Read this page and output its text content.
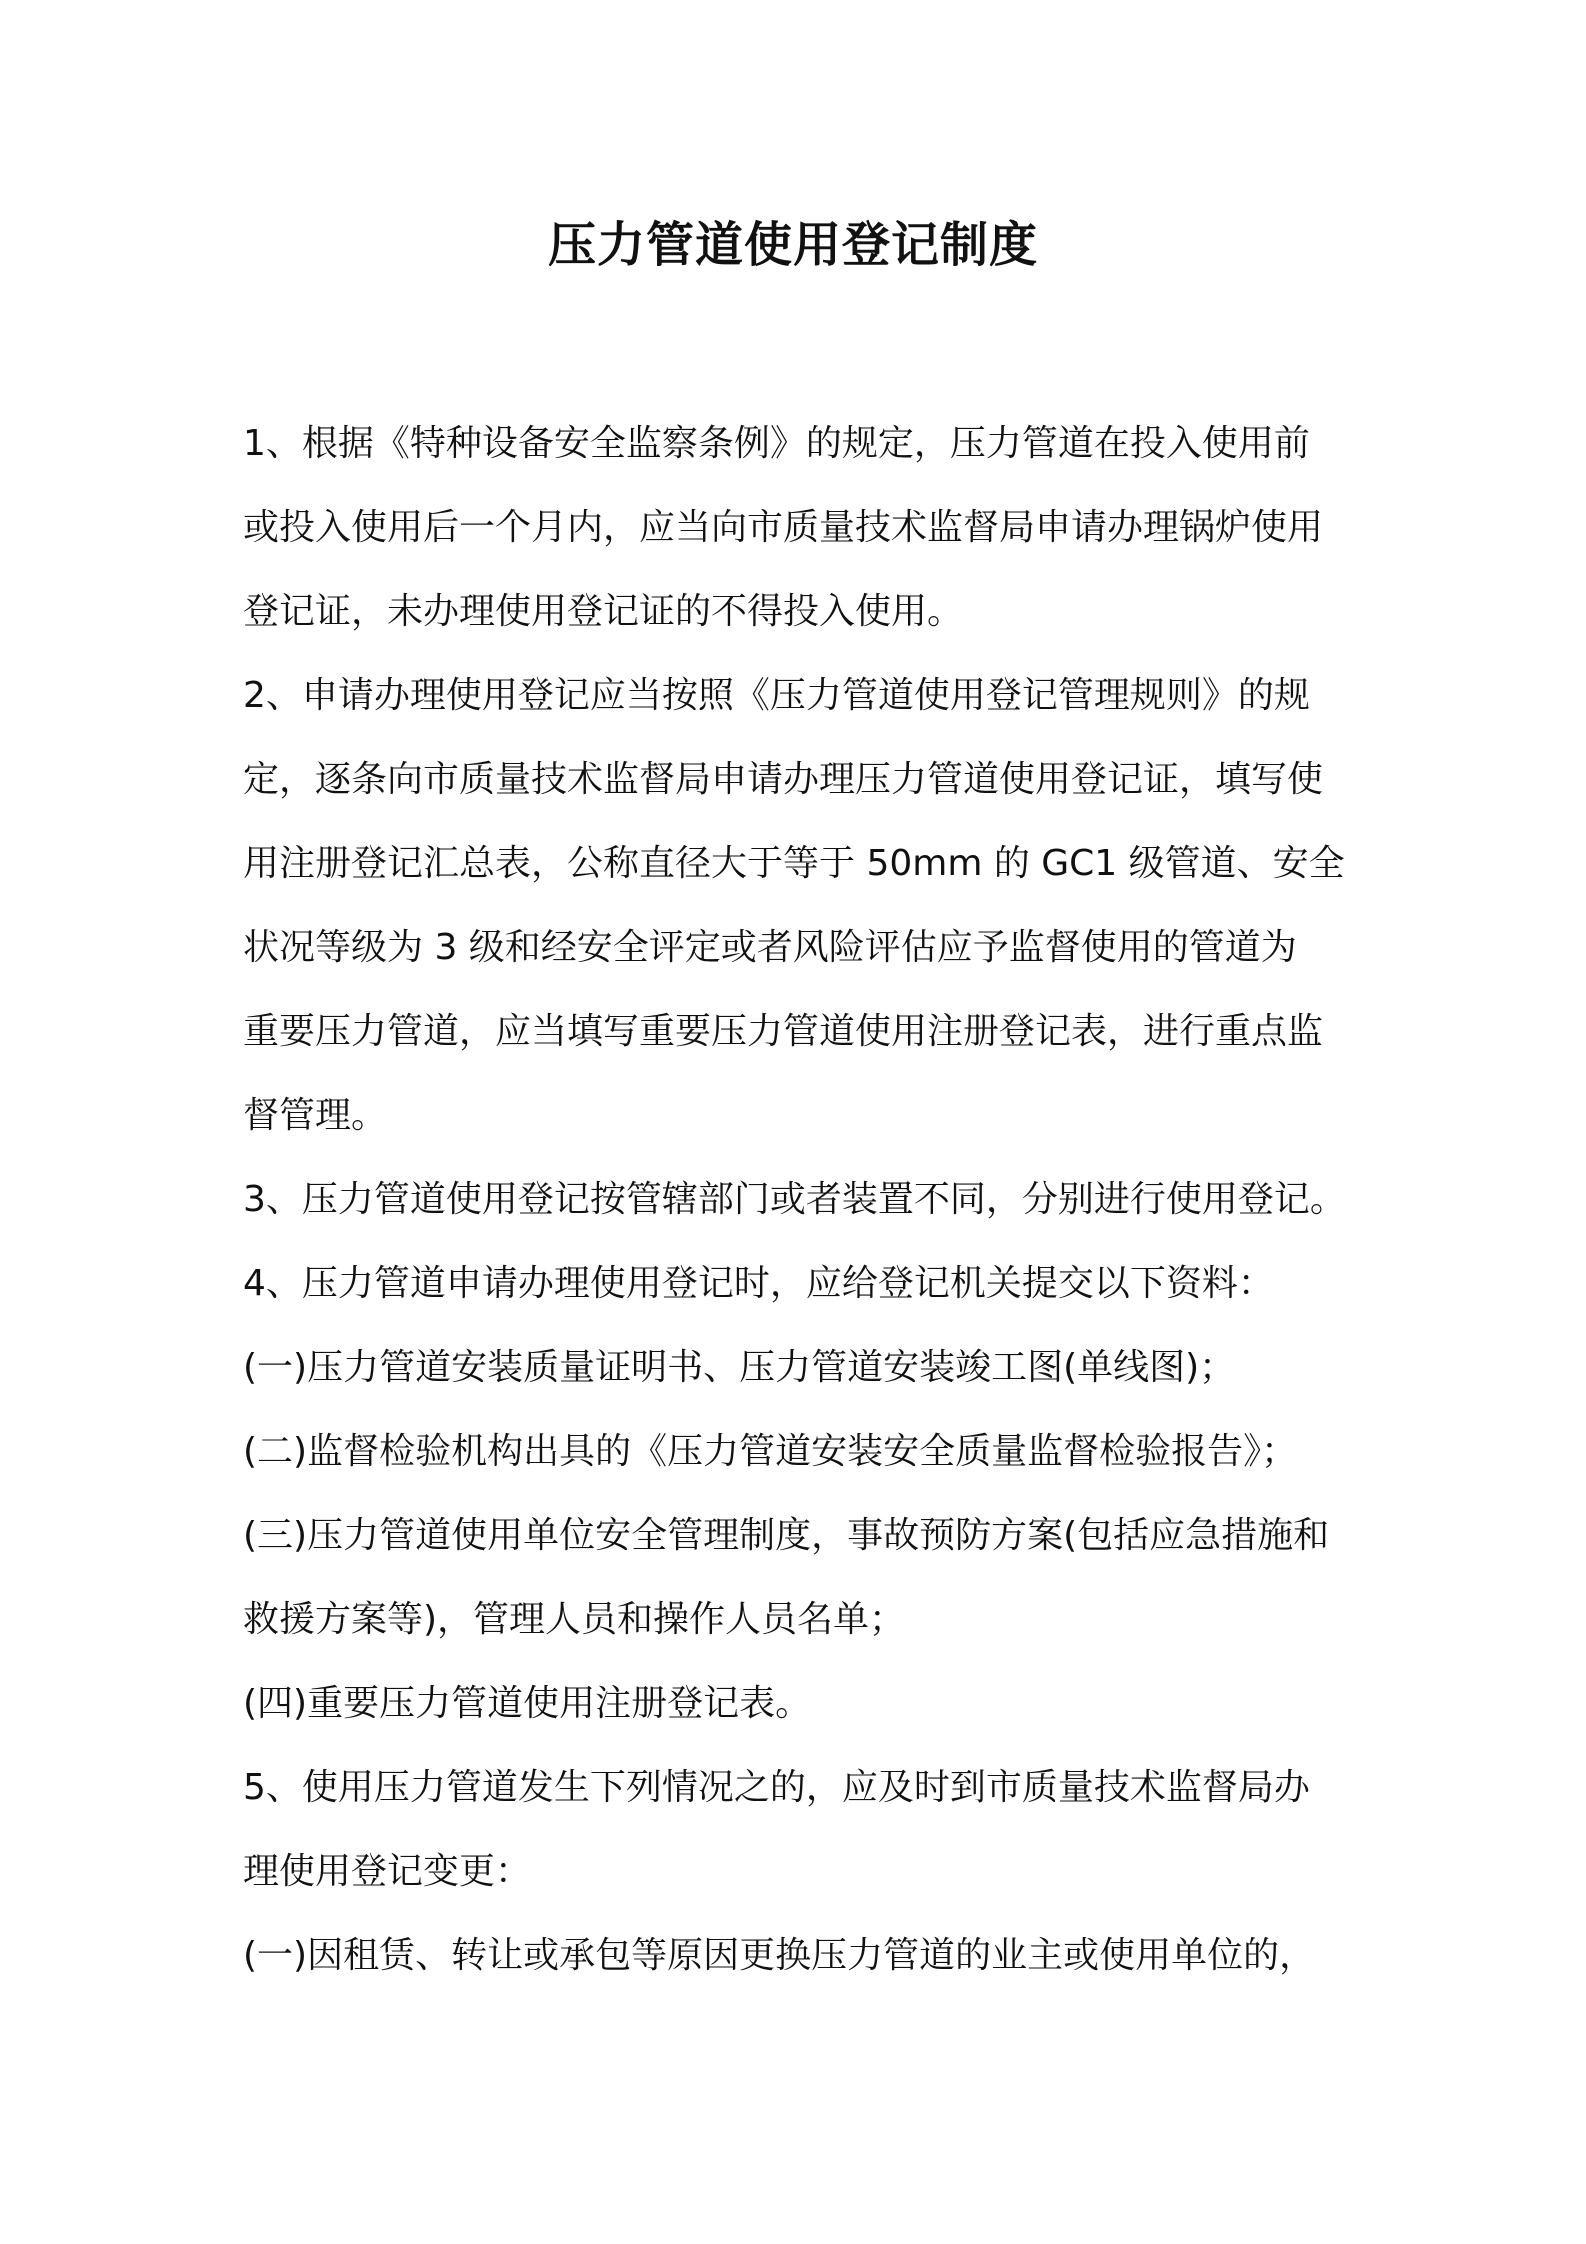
压力管道使用登记制度
1、根据《特种设备安全监察条例》的规定，压力管道在投入使用前
或投入使用后一个月内，应当向市质量技术监督局申请办理锅炉使用
登记证，未办理使用登记证的不得投入使用。
2、申请办理使用登记应当按照《压力管道使用登记管理规则》的规
定，逐条向市质量技术监督局申请办理压力管道使用登记证，填写使
用注册登记汇总表，公称直径大于等于 50mm 的 GC1 级管道、安全
状况等级为 3 级和经安全评定或者风险评估应予监督使用的管道为
重要压力管道，应当填写重要压力管道使用注册登记表，进行重点监
督管理。
3、压力管道使用登记按管辖部门或者装置不同，分别进行使用登记。
4、压力管道申请办理使用登记时，应给登记机关提交以下资料：
(一)压力管道安装质量证明书、压力管道安装竣工图(单线图)；
(二)监督检验机构出具的《压力管道安装安全质量监督检验报告》；
(三)压力管道使用单位安全管理制度，事故预防方案(包括应急措施和
救援方案等)，管理人员和操作人员名单；
(四)重要压力管道使用注册登记表。
5、使用压力管道发生下列情况之的，应及时到市质量技术监督局办
理使用登记变更：
(一)因租赁、转让或承包等原因更换压力管道的业主或使用单位的，
